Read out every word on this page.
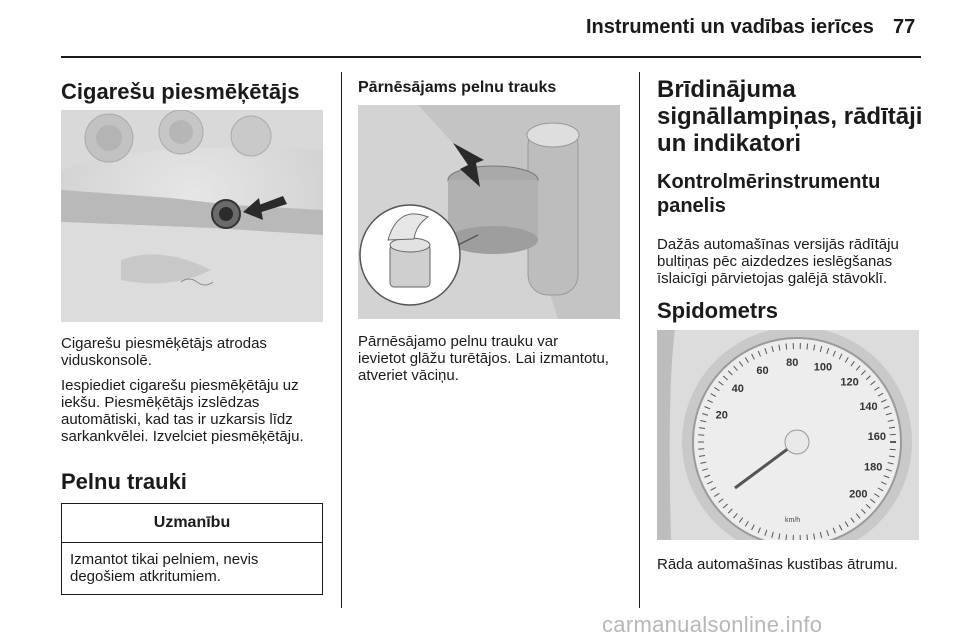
Instrumenti un vadības ierīces 77
Cigarešu piesmēķētājs

Cigarešu piesmēķētājs atrodas

viduskonsolē.

Iespiediet cigarešu piesmēķētāju uz

iekšu. Piesmēķētājs izslēdzas

automātiski, kad tas ir uzkarsis līdz

sarkankvēlei. Izvelciet piesmēķētāju.

Pelnu trauki
Uzmanību
Izmantot tikai pelniem, nevis
degošiem atkritumiem.
Pārnēsājams pelnu trauks

Pārnēsājamo pelnu trauku var

ievietot glāžu turētājos. Lai izmantotu,

atveriet vāciņu.

Brīdinājuma
signāllampiņas, rādītāji
un indikatori
Kontrolmērinstrumentu
panelis

Dažās automašīnas versijās rādītāju

bultiņas pēc aizdedzes ieslēgšanas

īslaicīgi pārvietojas galējā stāvoklī.

Spidometrs
20
40
60
80 100
120
140
160
180
200
km/h

Rāda automašīnas kustības ātrumu.

carmanualsonline.info
